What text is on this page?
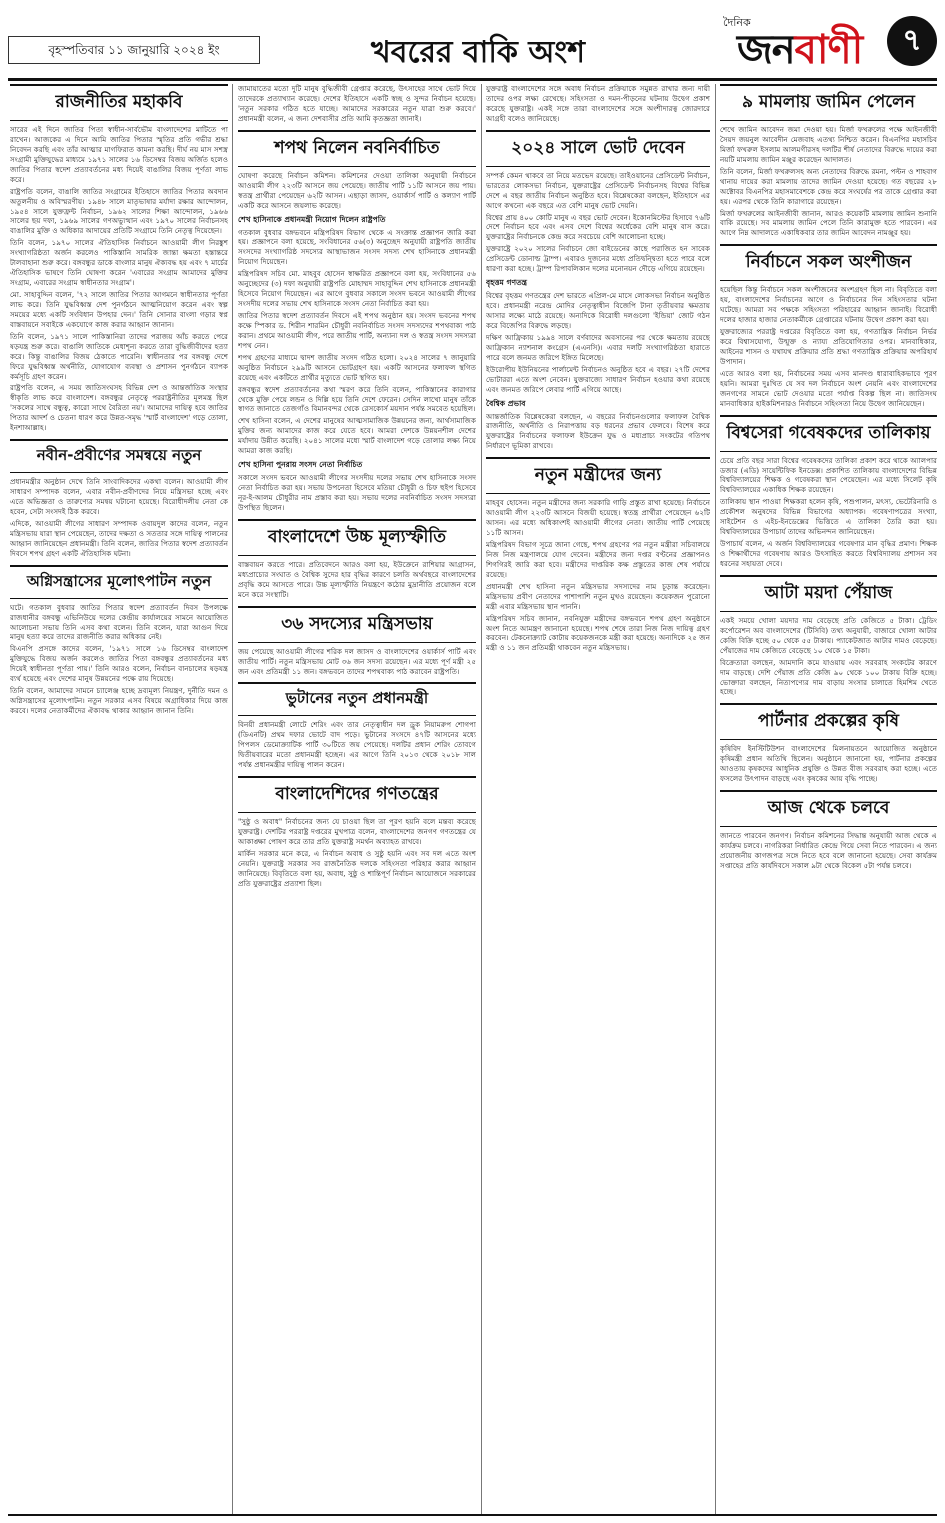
বৃহস্পতিবার ১১ জানুয়ারি ২০২৪ ইং	খবরের বাকি অংশ
দৈনিক
জনবাণী	৭
রাজনীতির মহাকবি

সারের এই দিনে জাতির পিতা স্বাধীন-সার্বভৌম বাংলাদেশের মাটিতে পা রাখেন। আজকের এ দিনে আমি জাতির পিতার স্মৃতির প্রতি গভীর শ্রদ্ধা নিবেদন করছি এবং তাঁর আত্মার মাগফিরাত কামনা করছি। দীর্ঘ নয় মাস সশস্ত্র সংগ্রামী মুক্তিযুদ্ধের মাধ্যমে ১৯৭১ সালের ১৬ ডিসেম্বর বিজয় অর্জিত হলেও জাতির পিতার স্বদেশ প্রত্যাবর্তনের মধ্য দিয়েই বাঙালির বিজয় পূর্ণতা লাভ করে।

রাষ্ট্রপতি বলেন, বাঙালি জাতির সংগ্রামের ইতিহাসে জাতির পিতার অবদান অতুলনীয় ও অবিস্মরণীয়। ১৯৪৮ সালে মাতৃভাষার মর্যাদা রক্ষার আন্দোলন, ১৯৫৪ সালে যুক্তফ্রন্ট নির্বাচন, ১৯৬২ সালের শিক্ষা আন্দোলন, ১৯৬৬ সালের ছয় দফা, ১৯৬৯ সালের গণঅভ্যুত্থান এবং ১৯৭০ সালের নির্বাচনসহ বাঙালির মুক্তি ও অধিকার আদায়ের প্রতিটি সংগ্রামে তিনি নেতৃত্ব দিয়েছেন।

তিনি বলেন, ১৯৭০ সালের ঐতিহাসিক নির্বাচনে আওয়ামী লীগ নিরঙ্কুশ সংখ্যাগরিষ্ঠতা অর্জন করলেও পাকিস্তানি সামরিক জান্তা ক্ষমতা হস্তান্তরে টালবাহানা শুরু করে। বঙ্গবন্ধুর ডাকে বাংলার মানুষ ঐক্যবদ্ধ হয় এবং ৭ মার্চের ঐতিহাসিক ভাষণে তিনি ঘোষণা করেন 'এবারের সংগ্রাম আমাদের মুক্তির সংগ্রাম, এবারের সংগ্রাম স্বাধীনতার সংগ্রাম'।

মো. সাহাবুদ্দিন বলেন, '৭২ সালে জাতির পিতার আগমনে স্বাধীনতার পূর্ণতা লাভ করে। তিনি যুদ্ধবিধ্বস্ত দেশ পুনর্গঠনে আত্মনিয়োগ করেন এবং স্বল্প সময়ের মধ্যে একটি সংবিধান উপহার দেন।' তিনি সোনার বাংলা গড়ার স্বপ্ন বাস্তবায়নে সবাইকে একযোগে কাজ করার আহ্বান জানান।

তিনি বলেন, ১৯৭১ সালে পাকিস্তানিরা তাদের পরাজয় আঁচ করতে পেরে ষড়যন্ত্র শুরু করে। বাঙালি জাতিকে মেধাশূন্য করতে তারা বুদ্ধিজীবীদের হত্যা করে। কিন্তু বাঙালির বিজয় ঠেকাতে পারেনি। স্বাধীনতার পর বঙ্গবন্ধু দেশে ফিরে যুদ্ধবিধ্বস্ত অর্থনীতি, যোগাযোগ ব্যবস্থা ও প্রশাসন পুনর্গঠনে ব্যাপক কর্মসূচি গ্রহণ করেন।

রাষ্ট্রপতি বলেন, এ সময় জাতিসংঘসহ বিভিন্ন দেশ ও আন্তর্জাতিক সংস্থার স্বীকৃতি লাভ করে বাংলাদেশ। বঙ্গবন্ধুর নেতৃত্বে পররাষ্ট্রনীতির মূলমন্ত্র ছিল 'সকলের সাথে বন্ধুত্ব, কারো সাথে বৈরিতা নয়'। আমাদের দায়িত্ব হবে জাতির পিতার আদর্শ ও চেতনা ধারণ করে উন্নত-সমৃদ্ধ 'স্মার্ট বাংলাদেশ' গড়ে তোলা, ইনশাআল্লাহ।

নবীন-প্রবীণের সমন্বয়ে নতুন

প্রধানমন্ত্রীর অনুষ্ঠান দেখে তিনি সাংবাদিকদের একথা বলেন। আওয়ামী লীগ সাধারণ সম্পাদক বলেন, এবার নবীন-প্রবীণদের নিয়ে মন্ত্রিসভা হচ্ছে এবং এতে অভিজ্ঞতা ও তারুণ্যের সমন্বয় ঘটানো হয়েছে। বিরোধীদলীয় নেতা কে হবেন, সেটা সংসদই ঠিক করবে।

এদিকে, আওয়ামী লীগের সাধারণ সম্পাদক ওবায়দুল কাদের বলেন, নতুন মন্ত্রিসভায় যারা স্থান পেয়েছেন, তাদের দক্ষতা ও সততার সঙ্গে দায়িত্ব পালনের আহ্বান জানিয়েছেন প্রধানমন্ত্রী। তিনি বলেন, জাতির পিতার স্বদেশ প্রত্যাবর্তন দিবসে শপথ গ্রহণ একটি ঐতিহাসিক ঘটনা।

অগ্নিসন্ত্রাসের মূলোৎপাটন নতুন

ঘটে। গতকাল বুধবার জাতির পিতার স্বদেশ প্রত্যাবর্তন দিবস উপলক্ষে রাজধানীর বঙ্গবন্ধু এভিনিউয়ে দলের কেন্দ্রীয় কার্যালয়ের সামনে আয়োজিত আলোচনা সভায় তিনি এসব কথা বলেন। তিনি বলেন, যারা আগুন দিয়ে মানুষ হত্যা করে তাদের রাজনীতি করার অধিকার নেই।

বিএনপি প্রসঙ্গে কাদের বলেন, '১৯৭১ সালে ১৬ ডিসেম্বর বাংলাদেশ মুক্তিযুদ্ধে বিজয় অর্জন করলেও জাতির পিতা বঙ্গবন্ধুর প্রত্যাবর্তনের মধ্য দিয়েই স্বাধীনতা পূর্ণতা পায়।' তিনি আরও বলেন, নির্বাচন বানচালের ষড়যন্ত্র ব্যর্থ হয়েছে এবং দেশের মানুষ উন্নয়নের পক্ষে রায় দিয়েছে।

তিনি বলেন, আমাদের সামনে চ্যালেঞ্জ হচ্ছে দ্রব্যমূল্য নিয়ন্ত্রণ, দুর্নীতি দমন ও অগ্নিসন্ত্রাসের মূলোৎপাটন। নতুন সরকার এসব বিষয়ে অগ্রাধিকার দিয়ে কাজ করবে। দলের নেতাকর্মীদের ঐক্যবদ্ধ থাকার আহ্বান জানান তিনি।

জামায়াতের মতো দুটি মানুষ বুদ্ধিজীবী গ্রেপ্তার করেছে, উৎসাহের সাথে ভোট দিয়ে তাদেরকে প্রত্যাখ্যান করেছে। দেশের ইতিহাসে একটি স্বচ্ছ ও সুন্দর নির্বাচন হয়েছে। 'নতুন সরকার গঠিত হতে যাচ্ছে। আমাদের সরকারের নতুন যাত্রা শুরু করবে।' প্রধানমন্ত্রী বলেন, এ জন্য দেশবাসীর প্রতি আমি কৃতজ্ঞতা জানাই।

শপথ নিলেন নবনির্বাচিত

ঘোষণা করেছে নির্বাচন কমিশন। কমিশনের দেওয়া তালিকা অনুযায়ী নির্বাচনে আওয়ামী লীগ ২২৩টি আসনে জয় পেয়েছে। জাতীয় পার্টি ১১টি আসনে জয় পায়। স্বতন্ত্র প্রার্থীরা পেয়েছেন ৬২টি আসন। এছাড়া জাসদ, ওয়ার্কার্স পার্টি ও কল্যাণ পার্টি একটি করে আসনে জয়লাভ করেছে।

শেখ হাসিনাকে প্রধানমন্ত্রী নিয়োগ দিলেন রাষ্ট্রপতি

গতকাল বুধবার বঙ্গভবনে মন্ত্রিপরিষদ বিভাগ থেকে এ সংক্রান্ত প্রজ্ঞাপন জারি করা হয়। প্রজ্ঞাপনে বলা হয়েছে, সংবিধানের ৫৬(৩) অনুচ্ছেদ অনুযায়ী রাষ্ট্রপতি জাতীয় সংসদের সংখ্যাগরিষ্ঠ সদস্যের আস্থাভাজন সংসদ সদস্য শেখ হাসিনাকে প্রধানমন্ত্রী নিয়োগ দিয়েছেন।

মন্ত্রিপরিষদ সচিব মো. মাহবুব হোসেন স্বাক্ষরিত প্রজ্ঞাপনে বলা হয়, সংবিধানের ৫৬ অনুচ্ছেদের (৩) দফা অনুযায়ী রাষ্ট্রপতি মোহাম্মদ সাহাবুদ্দিন শেখ হাসিনাকে প্রধানমন্ত্রী হিসেবে নিয়োগ দিয়েছেন। এর আগে বুধবার সকালে সংসদ ভবনে আওয়ামী লীগের সংসদীয় দলের সভায় শেখ হাসিনাকে সংসদ নেতা নির্বাচিত করা হয়।

জাতির পিতার স্বদেশ প্রত্যাবর্তন দিবসে এই শপথ অনুষ্ঠান হয়। সংসদ ভবনের শপথ কক্ষে স্পিকার ড. শিরীন শারমিন চৌধুরী নবনির্বাচিত সংসদ সদস্যদের শপথবাক্য পাঠ করান। প্রথমে আওয়ামী লীগ, পরে জাতীয় পার্টি, অন্যান্য দল ও স্বতন্ত্র সংসদ সদস্যরা শপথ নেন।

শপথ গ্রহণের মাধ্যমে দ্বাদশ জাতীয় সংসদ গঠিত হলো। ২০২৪ সালের ৭ জানুয়ারি অনুষ্ঠিত নির্বাচনে ২৯৯টি আসনে ভোটগ্রহণ হয়। একটি আসনের ফলাফল স্থগিত রয়েছে এবং একটিতে প্রার্থীর মৃত্যুতে ভোট স্থগিত হয়।

বঙ্গবন্ধুর স্বদেশ প্রত্যাবর্তনের কথা স্মরণ করে তিনি বলেন, পাকিস্তানের কারাগার থেকে মুক্তি পেয়ে লন্ডন ও দিল্লি হয়ে তিনি দেশে ফেরেন। সেদিন লাখো মানুষ তাঁকে স্বাগত জানাতে তেজগাঁও বিমানবন্দর থেকে রেসকোর্স ময়দান পর্যন্ত সমবেত হয়েছিল।

শেখ হাসিনা বলেন, এ দেশের মানুষের আত্মসামাজিক উন্নয়নের জন্য, আর্থসামাজিক মুক্তির জন্য আমাদের কাজ করে যেতে হবে। আমরা দেশকে উন্নয়নশীল দেশের মর্যাদায় উন্নীত করেছি। ২০৪১ সালের মধ্যে স্মার্ট বাংলাদেশ গড়ে তোলার লক্ষ্য নিয়ে আমরা কাজ করছি।

শেখ হাসিনা পুনরায় সংসদ নেতা নির্বাচিত

সকালে সংসদ ভবনে আওয়ামী লীগের সংসদীয় দলের সভায় শেখ হাসিনাকে সংসদ নেতা নির্বাচিত করা হয়। সভায় উপনেতা হিসেবে মতিয়া চৌধুরী ও চিফ হুইপ হিসেবে নূর-ই-আলম চৌধুরীর নাম প্রস্তাব করা হয়। সভায় দলের নবনির্বাচিত সংসদ সদস্যরা উপস্থিত ছিলেন।

বাংলাদেশে উচ্চ মূল্যস্ফীতি

বাস্তবায়ন করতে পারে। প্রতিবেদনে আরও বলা হয়, ইউক্রেনে রাশিয়ার আগ্রাসন, মধ্যপ্রাচ্যের সংঘাত ও বৈশ্বিক সুদের হার বৃদ্ধির কারণে চলতি অর্থবছরে বাংলাদেশের প্রবৃদ্ধি কমে আসতে পারে। উচ্চ মূল্যস্ফীতি নিয়ন্ত্রণে কঠোর মুদ্রানীতি প্রয়োজন বলে মনে করে সংস্থাটি।

৩৬ সদস্যের মন্ত্রিসভায়

জয় পেয়েছে আওয়ামী লীগের শরিক দল জাসদ ও বাংলাদেশের ওয়ার্কার্স পার্টি এবং জাতীয় পার্টি। নতুন মন্ত্রিসভায় মোট ৩৬ জন সদস্য রয়েছেন। এর মধ্যে পূর্ণ মন্ত্রী ২৫ জন এবং প্রতিমন্ত্রী ১১ জন। বঙ্গভবনে তাদের শপথবাক্য পাঠ করাবেন রাষ্ট্রপতি।

ভুটানের নতুন প্রধানমন্ত্রী

বিনয়ী প্রধানমন্ত্রী লোটে শেরিং এবং তার নেতৃত্বাধীন দল ড্রুক নিয়ামরুপ শোগপা (ডিএনটি) প্রথম দফার ভোটে বাদ পড়ে। ভুটানের সংসদে ৪৭টি আসনের মধ্যে পিপলস ডেমোক্র্যাটিক পার্টি ৩০টিতে জয় পেয়েছে। দলটির প্রধান শেরিং তোবগে দ্বিতীয়বারের মতো প্রধানমন্ত্রী হচ্ছেন। এর আগে তিনি ২০১৩ থেকে ২০১৮ সাল পর্যন্ত প্রধানমন্ত্রীর দায়িত্ব পালন করেন।

বাংলাদেশিদের গণতন্ত্রের

"সুষ্ঠু ও অবাধ" নির্বাচনের জন্য যে চাওয়া ছিল তা পূরণ হয়নি বলে মন্তব্য করেছে যুক্তরাষ্ট্র। দেশটির পররাষ্ট্র দপ্তরের মুখপাত্র বলেন, বাংলাদেশের জনগণ গণতন্ত্রের যে আকাঙ্ক্ষা পোষণ করে তার প্রতি যুক্তরাষ্ট্র সমর্থন অব্যাহত রাখবে।

মার্কিন সরকার মনে করে, এ নির্বাচন অবাধ ও সুষ্ঠু হয়নি এবং সব দল এতে অংশ নেয়নি। যুক্তরাষ্ট্র সরকার সব রাজনৈতিক দলকে সহিংসতা পরিহার করার আহ্বান জানিয়েছে। বিবৃতিতে বলা হয়, অবাধ, সুষ্ঠু ও শান্তিপূর্ণ নির্বাচন আয়োজনে সরকারের প্রতি যুক্তরাষ্ট্রের প্রত্যাশা ছিল।

যুক্তরাষ্ট্র বাংলাদেশের সঙ্গে অবাধ নির্বাচন প্রক্রিয়াকে সমুন্নত রাখার জন্য দায়ী তাদের ওপর লক্ষ্য রেখেছে। সহিংসতা ও দমন-পীড়নের ঘটনায় উদ্বেগ প্রকাশ করেছে যুক্তরাষ্ট্র। একই সঙ্গে তারা বাংলাদেশের সঙ্গে অংশীদারত্ব জোরদারে আগ্রহী বলেও জানিয়েছে।

২০২৪ সালে ভোট দেবেন

সম্পর্ক কেমন থাকবে তা নিয়ে মতভেদ রয়েছে। তাইওয়ানের প্রেসিডেন্ট নির্বাচন, ভারতের লোকসভা নির্বাচন, যুক্তরাষ্ট্রের প্রেসিডেন্ট নির্বাচনসহ বিশ্বের বিভিন্ন দেশে এ বছর জাতীয় নির্বাচন অনুষ্ঠিত হবে। বিশ্লেষকেরা বলছেন, ইতিহাসে এর আগে কখনো এক বছরে এত বেশি মানুষ ভোট দেয়নি।

বিশ্বের প্রায় ৪০০ কোটি মানুষ এ বছর ভোট দেবেন। ইকোনমিস্টের হিসাবে ৭৬টি দেশে নির্বাচন হবে এবং এসব দেশে বিশ্বের অর্ধেকের বেশি মানুষ বাস করে। যুক্তরাষ্ট্রের নির্বাচনকে কেন্দ্র করে সবচেয়ে বেশি আলোচনা হচ্ছে।

যুক্তরাষ্ট্রে ২০২০ সালের নির্বাচনে জো বাইডেনের কাছে পরাজিত হন সাবেক প্রেসিডেন্ট ডোনাল্ড ট্রাম্প। এবারও দুজনের মধ্যে প্রতিদ্বন্দ্বিতা হতে পারে বলে ধারণা করা হচ্ছে। ট্রাম্প রিপাবলিকান দলের মনোনয়ন দৌড়ে এগিয়ে রয়েছেন।

বৃহত্তম গণতন্ত্র

বিশ্বের বৃহত্তম গণতন্ত্রের দেশ ভারতে এপ্রিল-মে মাসে লোকসভা নির্বাচন অনুষ্ঠিত হবে। প্রধানমন্ত্রী নরেন্দ্র মোদির নেতৃত্বাধীন বিজেপি টানা তৃতীয়বার ক্ষমতায় আসার লক্ষ্যে মাঠে রয়েছে। অন্যদিকে বিরোধী দলগুলো 'ইন্ডিয়া' জোট গঠন করে বিজেপির বিরুদ্ধে লড়ছে।

দক্ষিণ আফ্রিকায় ১৯৯৪ সালে বর্ণবাদের অবসানের পর থেকে ক্ষমতায় রয়েছে আফ্রিকান ন্যাশনাল কংগ্রেস (এএনসি)। এবার দলটি সংখ্যাগরিষ্ঠতা হারাতে পারে বলে জনমত জরিপে ইঙ্গিত মিলেছে।

ইউরোপীয় ইউনিয়নের পার্লামেন্ট নির্বাচনও অনুষ্ঠিত হবে এ বছর। ২৭টি দেশের ভোটাররা এতে অংশ নেবেন। যুক্তরাজ্যে সাধারণ নির্বাচন হওয়ার কথা রয়েছে এবং জনমত জরিপে লেবার পার্টি এগিয়ে আছে।

বৈশ্বিক প্রভাব

আন্তর্জাতিক বিশ্লেষকেরা বলছেন, এ বছরের নির্বাচনগুলোর ফলাফল বৈশ্বিক রাজনীতি, অর্থনীতি ও নিরাপত্তায় বড় ধরনের প্রভাব ফেলবে। বিশেষ করে যুক্তরাষ্ট্রের নির্বাচনের ফলাফল ইউক্রেন যুদ্ধ ও মধ্যপ্রাচ্য সংকটের গতিপথ নির্ধারণে ভূমিকা রাখবে।

নতুন মন্ত্রীদের জন্য

মাহবুব হোসেন। নতুন মন্ত্রীদের জন্য সরকারি গাড়ি প্রস্তুত রাখা হয়েছে। নির্বাচনে আওয়ামী লীগ ২২৩টি আসনে বিজয়ী হয়েছে। স্বতন্ত্র প্রার্থীরা পেয়েছেন ৬২টি আসন। এর মধ্যে অধিকাংশই আওয়ামী লীগের নেতা। জাতীয় পার্টি পেয়েছে ১১টি আসন।

মন্ত্রিপরিষদ বিভাগ সূত্রে জানা গেছে, শপথ গ্রহণের পর নতুন মন্ত্রীরা সচিবালয়ে নিজ নিজ মন্ত্রণালয়ে যোগ দেবেন। মন্ত্রীদের জন্য দপ্তর বণ্টনের প্রজ্ঞাপনও শিগগিরই জারি করা হবে। মন্ত্রীদের দাপ্তরিক কক্ষ প্রস্তুতের কাজ শেষ পর্যায়ে রয়েছে।

প্রধানমন্ত্রী শেখ হাসিনা নতুন মন্ত্রিসভার সদস্যদের নাম চূড়ান্ত করেছেন। মন্ত্রিসভায় প্রবীণ নেতাদের পাশাপাশি নতুন মুখও রয়েছেন। কয়েকজন পুরোনো মন্ত্রী এবার মন্ত্রিসভায় স্থান পাননি।

মন্ত্রিপরিষদ সচিব জানান, নবনিযুক্ত মন্ত্রীদের বঙ্গভবনে শপথ গ্রহণ অনুষ্ঠানে অংশ নিতে আমন্ত্রণ জানানো হয়েছে। শপথ শেষে তারা নিজ নিজ দায়িত্ব গ্রহণ করবেন। টেকনোক্র্যাট কোটায় কয়েকজনকে মন্ত্রী করা হয়েছে। অন্যদিকে ২৫ জন মন্ত্রী ও ১১ জন প্রতিমন্ত্রী থাকবেন নতুন মন্ত্রিসভায়।

৯ মামলায় জামিন পেলেন

শেখে জামিন আবেদন জমা দেওয়া হয়। মির্জা ফখরুলের পক্ষে আইনজীবী সৈয়দ জয়নুল আবেদীন মেজবাহ এতথ্য নিশ্চিত করেন। বিএনপির মহাসচিব মির্জা ফখরুল ইসলাম আলমগীরসহ দলটির শীর্ষ নেতাদের বিরুদ্ধে দায়ের করা নয়টি মামলায় জামিন মঞ্জুর করেছেন আদালত।

তিনি বলেন, মির্জা ফখরুলসহ অন্য নেতাদের বিরুদ্ধে রমনা, পল্টন ও শাহবাগ থানায় দায়ের করা মামলায় তাদের জামিন দেওয়া হয়েছে। গত বছরের ২৮ অক্টোবর বিএনপির মহাসমাবেশকে কেন্দ্র করে সংঘর্ষের পর তাকে গ্রেপ্তার করা হয়। এরপর থেকে তিনি কারাগারে রয়েছেন।

মির্জা ফখরুলের আইনজীবী জানান, আরও কয়েকটি মামলায় জামিন শুনানি বাকি রয়েছে। সব মামলায় জামিন পেলে তিনি কারামুক্ত হতে পারবেন। এর আগে নিম্ন আদালতে একাধিকবার তার জামিন আবেদন নামঞ্জুর হয়।

নির্বাচনে সকল অংশীজন

হয়েছিল কিন্তু নির্বাচনে সকল অংশীজনের অংশগ্রহণ ছিল না। বিবৃতিতে বলা হয়, বাংলাদেশের নির্বাচনের আগে ও নির্বাচনের দিন সহিংসতার ঘটনা ঘটেছে। আমরা সব পক্ষকে সহিংসতা পরিহারের আহ্বান জানাই। বিরোধী দলের হাজার হাজার নেতাকর্মীকে গ্রেপ্তারের ঘটনায় উদ্বেগ প্রকাশ করা হয়।

যুক্তরাজ্যের পররাষ্ট্র দপ্তরের বিবৃতিতে বলা হয়, গণতান্ত্রিক নির্বাচন নির্ভর করে বিশ্বাসযোগ্য, উন্মুক্ত ও ন্যায্য প্রতিযোগিতার ওপর। মানবাধিকার, আইনের শাসন ও যথাযথ প্রক্রিয়ার প্রতি শ্রদ্ধা গণতান্ত্রিক প্রক্রিয়ার অপরিহার্য উপাদান।

এতে আরও বলা হয়, নির্বাচনের সময় এসব মানদণ্ড ধারাবাহিকভাবে পূরণ হয়নি। আমরা দুঃখিত যে সব দল নির্বাচনে অংশ নেয়নি এবং বাংলাদেশের জনগণের সামনে ভোট দেওয়ার মতো পর্যাপ্ত বিকল্প ছিল না। জাতিসংঘ মানবাধিকার হাইকমিশনারও নির্বাচনে সহিংসতা নিয়ে উদ্বেগ জানিয়েছেন।

বিশ্বসেরা গবেষকদের তালিকায়

চেয়ে প্রতি বছর সারা বিশ্বের গবেষকদের তালিকা প্রকাশ করে থাকে অ্যালপার ডজার (এডি) সায়েন্টিফিক ইনডেক্স। প্রকাশিত তালিকায় বাংলাদেশের বিভিন্ন বিশ্ববিদ্যালয়ের শিক্ষক ও গবেষকরা স্থান পেয়েছেন। এর মধ্যে সিলেট কৃষি বিশ্ববিদ্যালয়ের একাধিক শিক্ষক রয়েছেন।

তালিকায় স্থান পাওয়া শিক্ষকরা হলেন কৃষি, পশুপালন, মৎস্য, ভেটেরিনারি ও প্রকৌশল অনুষদের বিভিন্ন বিভাগের অধ্যাপক। গবেষণাপত্রের সংখ্যা, সাইটেশন ও এইচ-ইনডেক্সের ভিত্তিতে এ তালিকা তৈরি করা হয়। বিশ্ববিদ্যালয়ের উপাচার্য তাদের অভিনন্দন জানিয়েছেন।

উপাচার্য বলেন, এ অর্জন বিশ্ববিদ্যালয়ের গবেষণার মান বৃদ্ধির প্রমাণ। শিক্ষক ও শিক্ষার্থীদের গবেষণায় আরও উৎসাহিত করতে বিশ্ববিদ্যালয় প্রশাসন সব ধরনের সহায়তা দেবে।

আটা ময়দা পেঁয়াজ

একই সময়ে খোলা ময়দার দাম বেড়েছে প্রতি কেজিতে ৫ টাকা। ট্রেডিং কর্পোরেশন অব বাংলাদেশের (টিসিবি) তথ্য অনুযায়ী, বাজারে খোলা আটার কেজি বিক্রি হচ্ছে ৫০ থেকে ৫৫ টাকায়। প্যাকেটজাত আটার দামও বেড়েছে। পেঁয়াজের দাম কেজিতে বেড়েছে ১০ থেকে ১৫ টাকা।

বিক্রেতারা বলছেন, আমদানি কমে যাওয়ায় এবং সরবরাহ সংকটের কারণে দাম বাড়ছে। দেশি পেঁয়াজ প্রতি কেজি ৯০ থেকে ১০০ টাকায় বিক্রি হচ্ছে। ভোক্তারা বলছেন, নিত্যপণ্যের দাম বাড়ায় সংসার চালাতে হিমশিম খেতে হচ্ছে।

পার্টনার প্রকল্পের কৃষি

কৃষিবিদ ইনস্টিটিউশন বাংলাদেশের মিলনায়তনে আয়োজিত অনুষ্ঠানে কৃষিমন্ত্রী প্রধান অতিথি ছিলেন। অনুষ্ঠানে জানানো হয়, পার্টনার প্রকল্পের আওতায় কৃষকদের আধুনিক প্রযুক্তি ও উন্নত বীজ সরবরাহ করা হচ্ছে। এতে ফসলের উৎপাদন বাড়ছে এবং কৃষকের আয় বৃদ্ধি পাচ্ছে।

আজ থেকে চলবে

জানতে পারবেন জনগণ। নির্বাচন কমিশনের সিদ্ধান্ত অনুযায়ী আজ থেকে এ কার্যক্রম চলবে। নাগরিকরা নির্ধারিত কেন্দ্রে গিয়ে সেবা নিতে পারবেন। এ জন্য প্রয়োজনীয় কাগজপত্র সঙ্গে নিতে হবে বলে জানানো হয়েছে। সেবা কার্যক্রম সপ্তাহের প্রতি কার্যদিবসে সকাল ৯টা থেকে বিকেল ৫টা পর্যন্ত চলবে।
